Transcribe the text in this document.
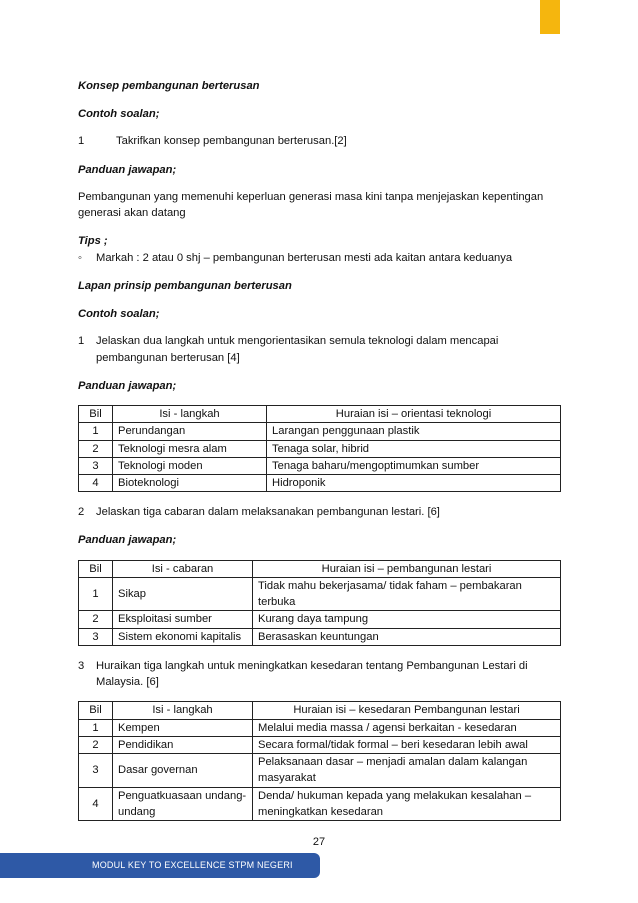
Konsep pembangunan berterusan

Contoh soalan;

1	Takrifkan konsep pembangunan berterusan.[2]

Panduan jawapan;

Pembangunan yang memenuhi keperluan generasi masa kini tanpa menjejaskan kepentingan generasi akan datang

Tips ;

◦	Markah : 2 atau 0 shj – pembangunan berterusan mesti ada kaitan antara keduanya

Lapan prinsip pembangunan berterusan

Contoh soalan;

1	Jelaskan dua langkah untuk mengorientasikan semula teknologi dalam mencapai pembangunan berterusan [4]

Panduan jawapan;

Bil	Isi - langkah	Huraian isi – orientasi teknologi
1	Perundangan	Larangan penggunaan plastik
2	Teknologi mesra alam	Tenaga solar, hibrid
3	Teknologi moden	Tenaga baharu/mengoptimumkan sumber
4	Bioteknologi	Hidroponik
2	Jelaskan tiga cabaran dalam melaksanakan pembangunan lestari. [6]

Panduan jawapan;

Bil	Isi - cabaran	Huraian isi – pembangunan lestari
1	Sikap	Tidak mahu bekerjasama/ tidak faham – pembakaran terbuka
2	Eksploitasi sumber	Kurang daya tampung
3	Sistem ekonomi kapitalis	Berasaskan keuntungan
3	Huraikan tiga langkah untuk meningkatkan kesedaran tentang Pembangunan Lestari di Malaysia. [6]
Bil	Isi - langkah	Huraian isi – kesedaran Pembangunan lestari
1	Kempen	Melalui media massa / agensi berkaitan - kesedaran
2	Pendidikan	Secara formal/tidak formal – beri kesedaran lebih awal
3	Dasar governan	Pelaksanaan dasar – menjadi amalan dalam kalangan masyarakat
4	Penguatkuasaan undang-undang	Denda/ hukuman kepada yang melakukan kesalahan – meningkatkan kesedaran
27
MODUL KEY TO EXCELLENCE STPM NEGERI PERAK
